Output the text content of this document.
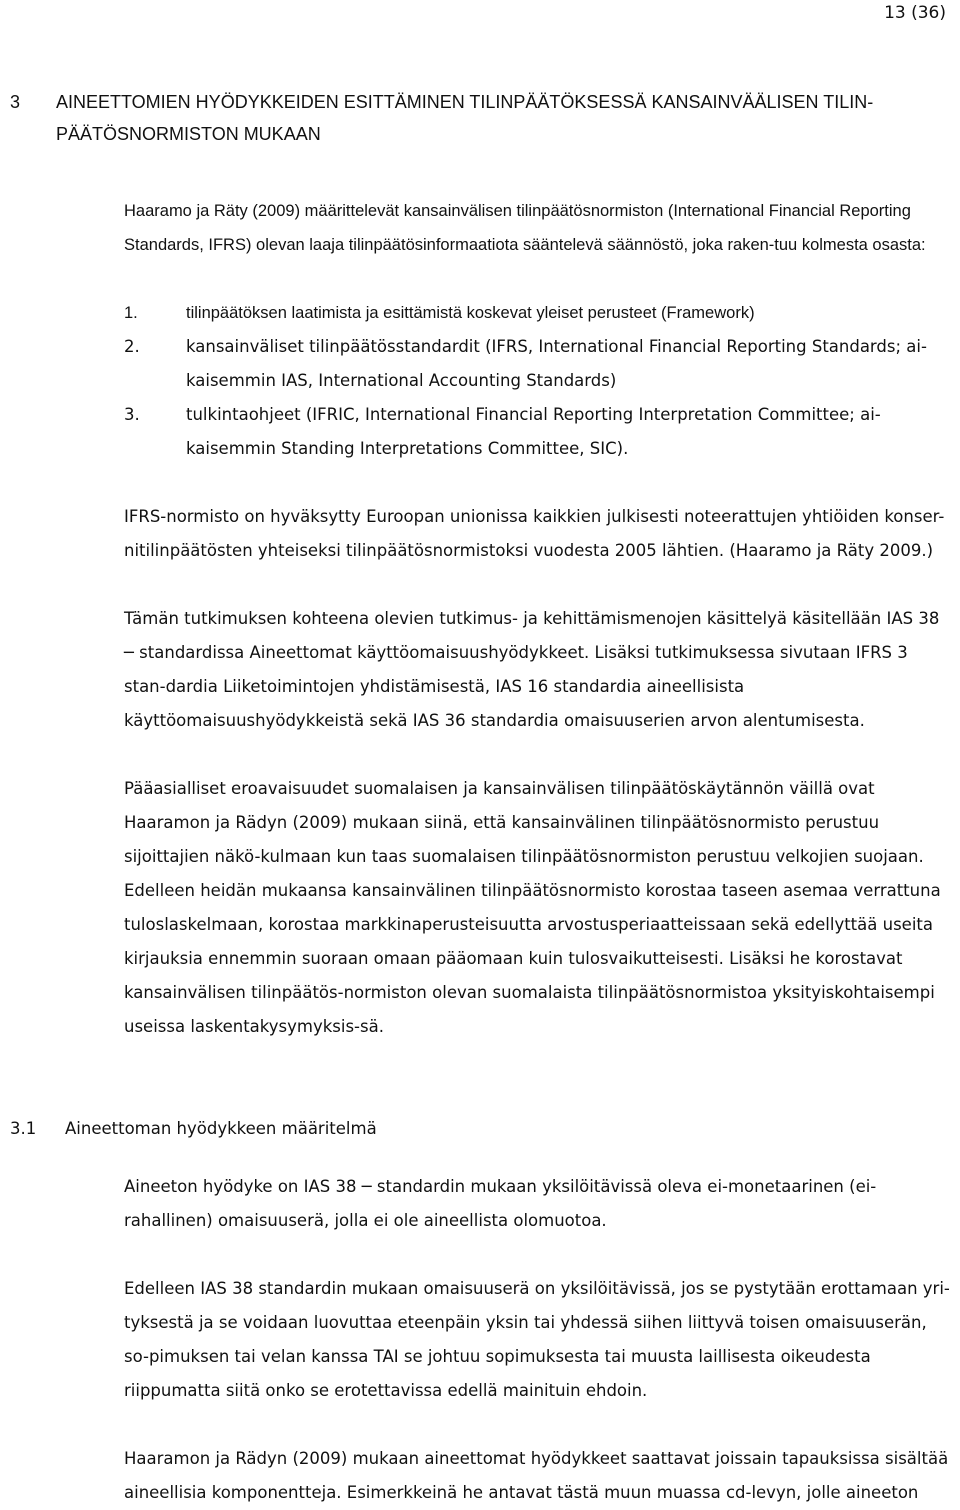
13 (36)
3 AINEETTOMIEN HYÖDYKKEIDEN ESITTÄMINEN TILINPÄÄTÖKSESSÄ KANSAINVÄÄLISEN TILIN-PÄÄTÖSNORMISTON MUKAAN
Haaramo ja Räty (2009) määrittelevät kansainvälisen tilinpäätösnormiston (International Financial Reporting Standards, IFRS) olevan laaja tilinpäätösinformaatiota sääntelevä säännöstö, joka raken-tuu kolmesta osasta:
1.	tilinpäätöksen laatimista ja esittämistä koskevat yleiset perusteet (Framework)
2.	kansainväliset tilinpäätösstandardit (IFRS, International Financial Reporting Standards; ai-kaisemmin IAS, International Accounting Standards)
3.	tulkintaohjeet (IFRIC, International Financial Reporting Interpretation Committee; ai-kaisemmin Standing Interpretations Committee, SIC).
IFRS-normisto on hyväksytty Euroopan unionissa kaikkien julkisesti noteerattujen yhtiöiden konser-nitilinpäätösten yhteiseksi tilinpäätösnormistoksi vuodesta 2005 lähtien. (Haaramo ja Räty 2009.)
Tämän tutkimuksen kohteena olevien tutkimus- ja kehittämismenojen käsittelyä käsitellään IAS 38 ─ standardissa Aineettomat käyttöomaisuushyödykkeet. Lisäksi tutkimuksessa sivutaan IFRS 3 stan-dardia Liiketoimintojen yhdistämisestä, IAS 16 standardia aineellisista käyttöomaisuushyödykkeistä sekä IAS 36 standardia omaisuuserien arvon alentumisesta.
Pääasialliset eroavaisuudet suomalaisen ja kansainvälisen tilinpäätöskäytännön väillä ovat Haaramon ja Rädyn (2009) mukaan siinä, että kansainvälinen tilinpäätösnormisto perustuu sijoittajien näkö-kulmaan kun taas suomalaisen tilinpäätösnormiston perustuu velkojien suojaan. Edelleen heidän mukaansa kansainvälinen tilinpäätösnormisto korostaa taseen asemaa verrattuna tuloslaskelmaan, korostaa markkinaperusteisuutta arvostusperiaatteissaan sekä edellyttää useita kirjauksia ennemmin suoraan omaan pääomaan kuin tulosvaikutteisesti. Lisäksi he korostavat kansainvälisen tilinpäätös-normiston olevan suomalaista tilinpäätösnormistoa yksityiskohtaisempi useissa laskentakysymyksis-sä.
3.1 Aineettoman hyödykkeen määritelmä
Aineeton hyödyke on IAS 38 ─ standardin mukaan yksilöitävissä oleva ei-monetaarinen (ei-rahallinen) omaisuuserä, jolla ei ole aineellista olomuotoa.
Edelleen IAS 38 standardin mukaan omaisuuserä on yksilöitävissä, jos se pystytään erottamaan yri-tyksestä ja se voidaan luovuttaa eteenpäin yksin tai yhdessä siihen liittyvä toisen omaisuuserän, so-pimuksen tai velan kanssa TAI se johtuu sopimuksesta tai muusta laillisesta oikeudesta riippumatta siitä onko se erotettavissa edellä mainituin ehdoin.
Haaramon ja Rädyn (2009) mukaan aineettomat hyödykkeet saattavat joissain tapauksissa sisältää aineellisia komponentteja. Esimerkkeinä he antavat tästä muun muassa cd-levyn, jolle aineeton
